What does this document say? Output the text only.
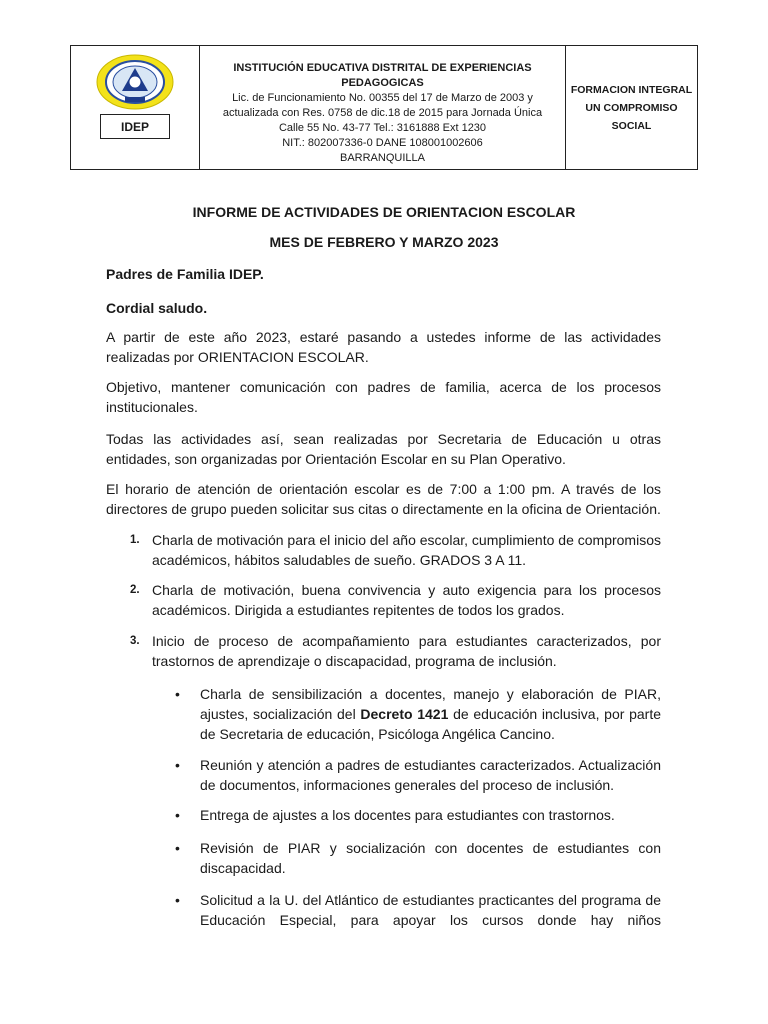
IDEP
INSTITUCIÓN EDUCATIVA DISTRITAL DE EXPERIENCIAS PEDAGOGICAS
Lic. de Funcionamiento No. 00355 del 17 de Marzo de 2003 y
actualizada con Res. 0758 de dic.18 de 2015 para Jornada Única
Calle 55 No. 43-77 Tel.: 3161888 Ext 1230
NIT.: 802007336-0 DANE 108001002606
BARRANQUILLA
FORMACION INTEGRAL
UN COMPROMISO
SOCIAL
INFORME DE ACTIVIDADES DE ORIENTACION ESCOLAR
MES DE FEBRERO Y MARZO 2023
Padres de Familia IDEP.
Cordial saludo.
A partir de este año 2023, estaré pasando a ustedes informe de las actividades realizadas por ORIENTACION ESCOLAR.
Objetivo, mantener comunicación con padres de familia, acerca de los procesos institucionales.
Todas las actividades así, sean realizadas por Secretaria de Educación u otras entidades, son organizadas por Orientación Escolar en su Plan Operativo.
El horario de atención de orientación escolar es de 7:00 a 1:00 pm. A través de los directores de grupo pueden solicitar sus citas o directamente en la oficina de Orientación.
1. Charla de motivación para el inicio del año escolar, cumplimiento de compromisos académicos, hábitos saludables de sueño. GRADOS 3 A 11.
2. Charla de motivación, buena convivencia y auto exigencia para los procesos académicos. Dirigida a estudiantes repitentes de todos los grados.
3. Inicio de proceso de acompañamiento para estudiantes caracterizados, por trastornos de aprendizaje o discapacidad, programa de inclusión.
• Charla de sensibilización a docentes, manejo y elaboración de PIAR, ajustes, socialización del Decreto 1421 de educación inclusiva, por parte de Secretaria de educación, Psicóloga Angélica Cancino.
• Reunión y atención a padres de estudiantes caracterizados. Actualización de documentos, informaciones generales del proceso de inclusión.
• Entrega de ajustes a los docentes para estudiantes con trastornos.
• Revisión de PIAR y socialización con docentes de estudiantes con discapacidad.
• Solicitud a la U. del Atlántico de estudiantes practicantes del programa de Educación Especial, para apoyar los cursos donde hay niños
